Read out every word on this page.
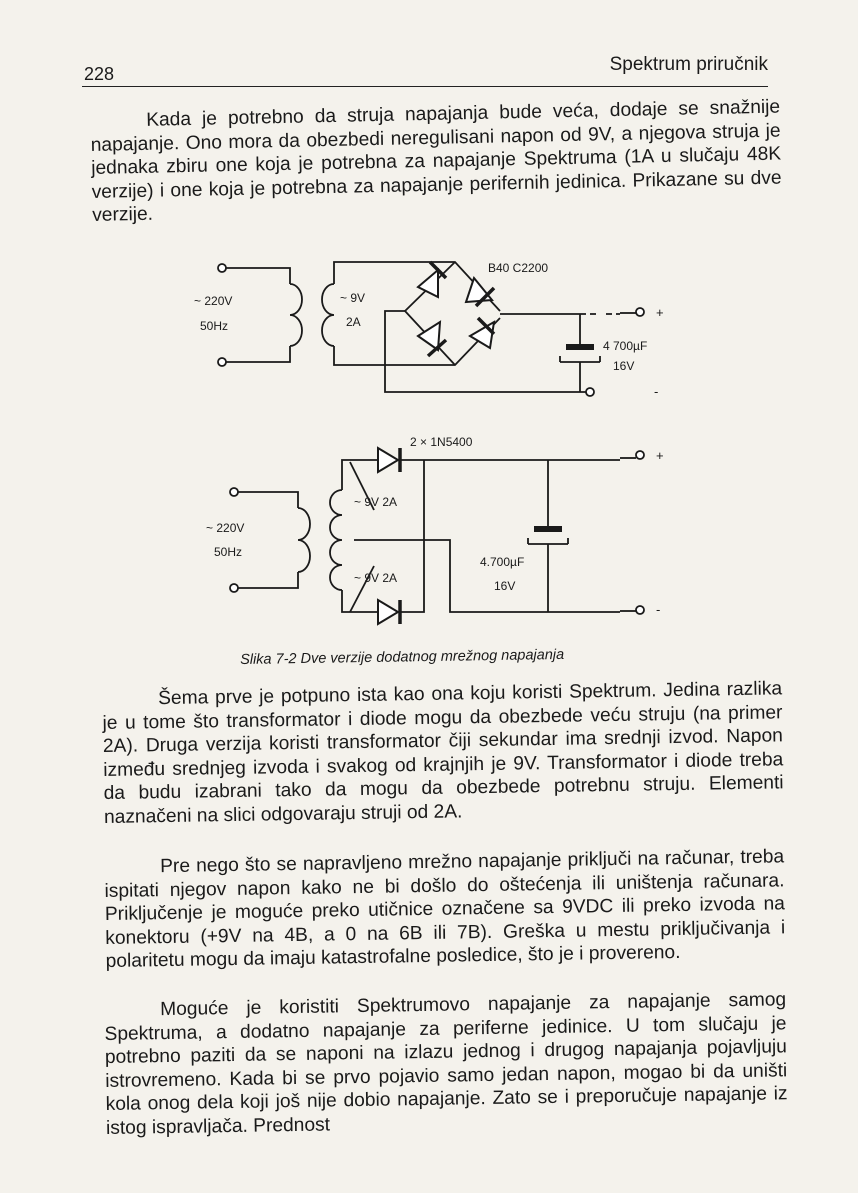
228	Spektrum priručnik

Kada je potrebno da struja napajanja bude veća, dodaje se snažnije napajanje. Ono mora da obezbedi neregulisani napon od 9V, a njegova struja je jednaka zbiru one koja je potrebna za napajanje Spektruma (1A u slučaju 48K verzije) i one koja je potrebna za napajanje perifernih jedinica. Prikazane su dve verzije.

~ 220V
50Hz
~ 9V
2A
B40 C2200
4 700µF
16V
+
-
2 × 1N5400
~ 220V
50Hz
~ 9V 2A
~ 9V 2A
4.700µF
16V
+
-
Slika 7-2 Dve verzije dodatnog mrežnog napajanja

Šema prve je potpuno ista kao ona koju koristi Spektrum. Jedina razlika je u tome što transformator i diode mogu da obezbede veću struju (na primer 2A). Druga verzija koristi transformator čiji sekundar ima srednji izvod. Napon između srednjeg izvoda i svakog od krajnjih je 9V. Transformator i diode treba da budu izabrani tako da mogu da obezbede potrebnu struju. Elementi naznačeni na slici odgovaraju struji od 2A.

Pre nego što se napravljeno mrežno napajanje priključi na računar, treba ispitati njegov napon kako ne bi došlo do oštećenja ili uništenja računara. Priključenje je moguće preko utičnice označene sa 9VDC ili preko izvoda na konektoru (+9V na 4B, a 0 na 6B ili 7B). Greška u mestu priključivanja i polaritetu mogu da imaju katastrofalne posledice, što je i provereno.

Moguće je koristiti Spektrumovo napajanje za napajanje samog Spektruma, a dodatno napajanje za periferne jedinice. U tom slučaju je potrebno paziti da se naponi na izlazu jednog i drugog napajanja pojavljuju istrovremeno. Kada bi se prvo pojavio samo jedan napon, mogao bi da uništi kola onog dela koji još nije dobio napajanje. Zato se i preporučuje napajanje iz istog ispravljača. Prednost
